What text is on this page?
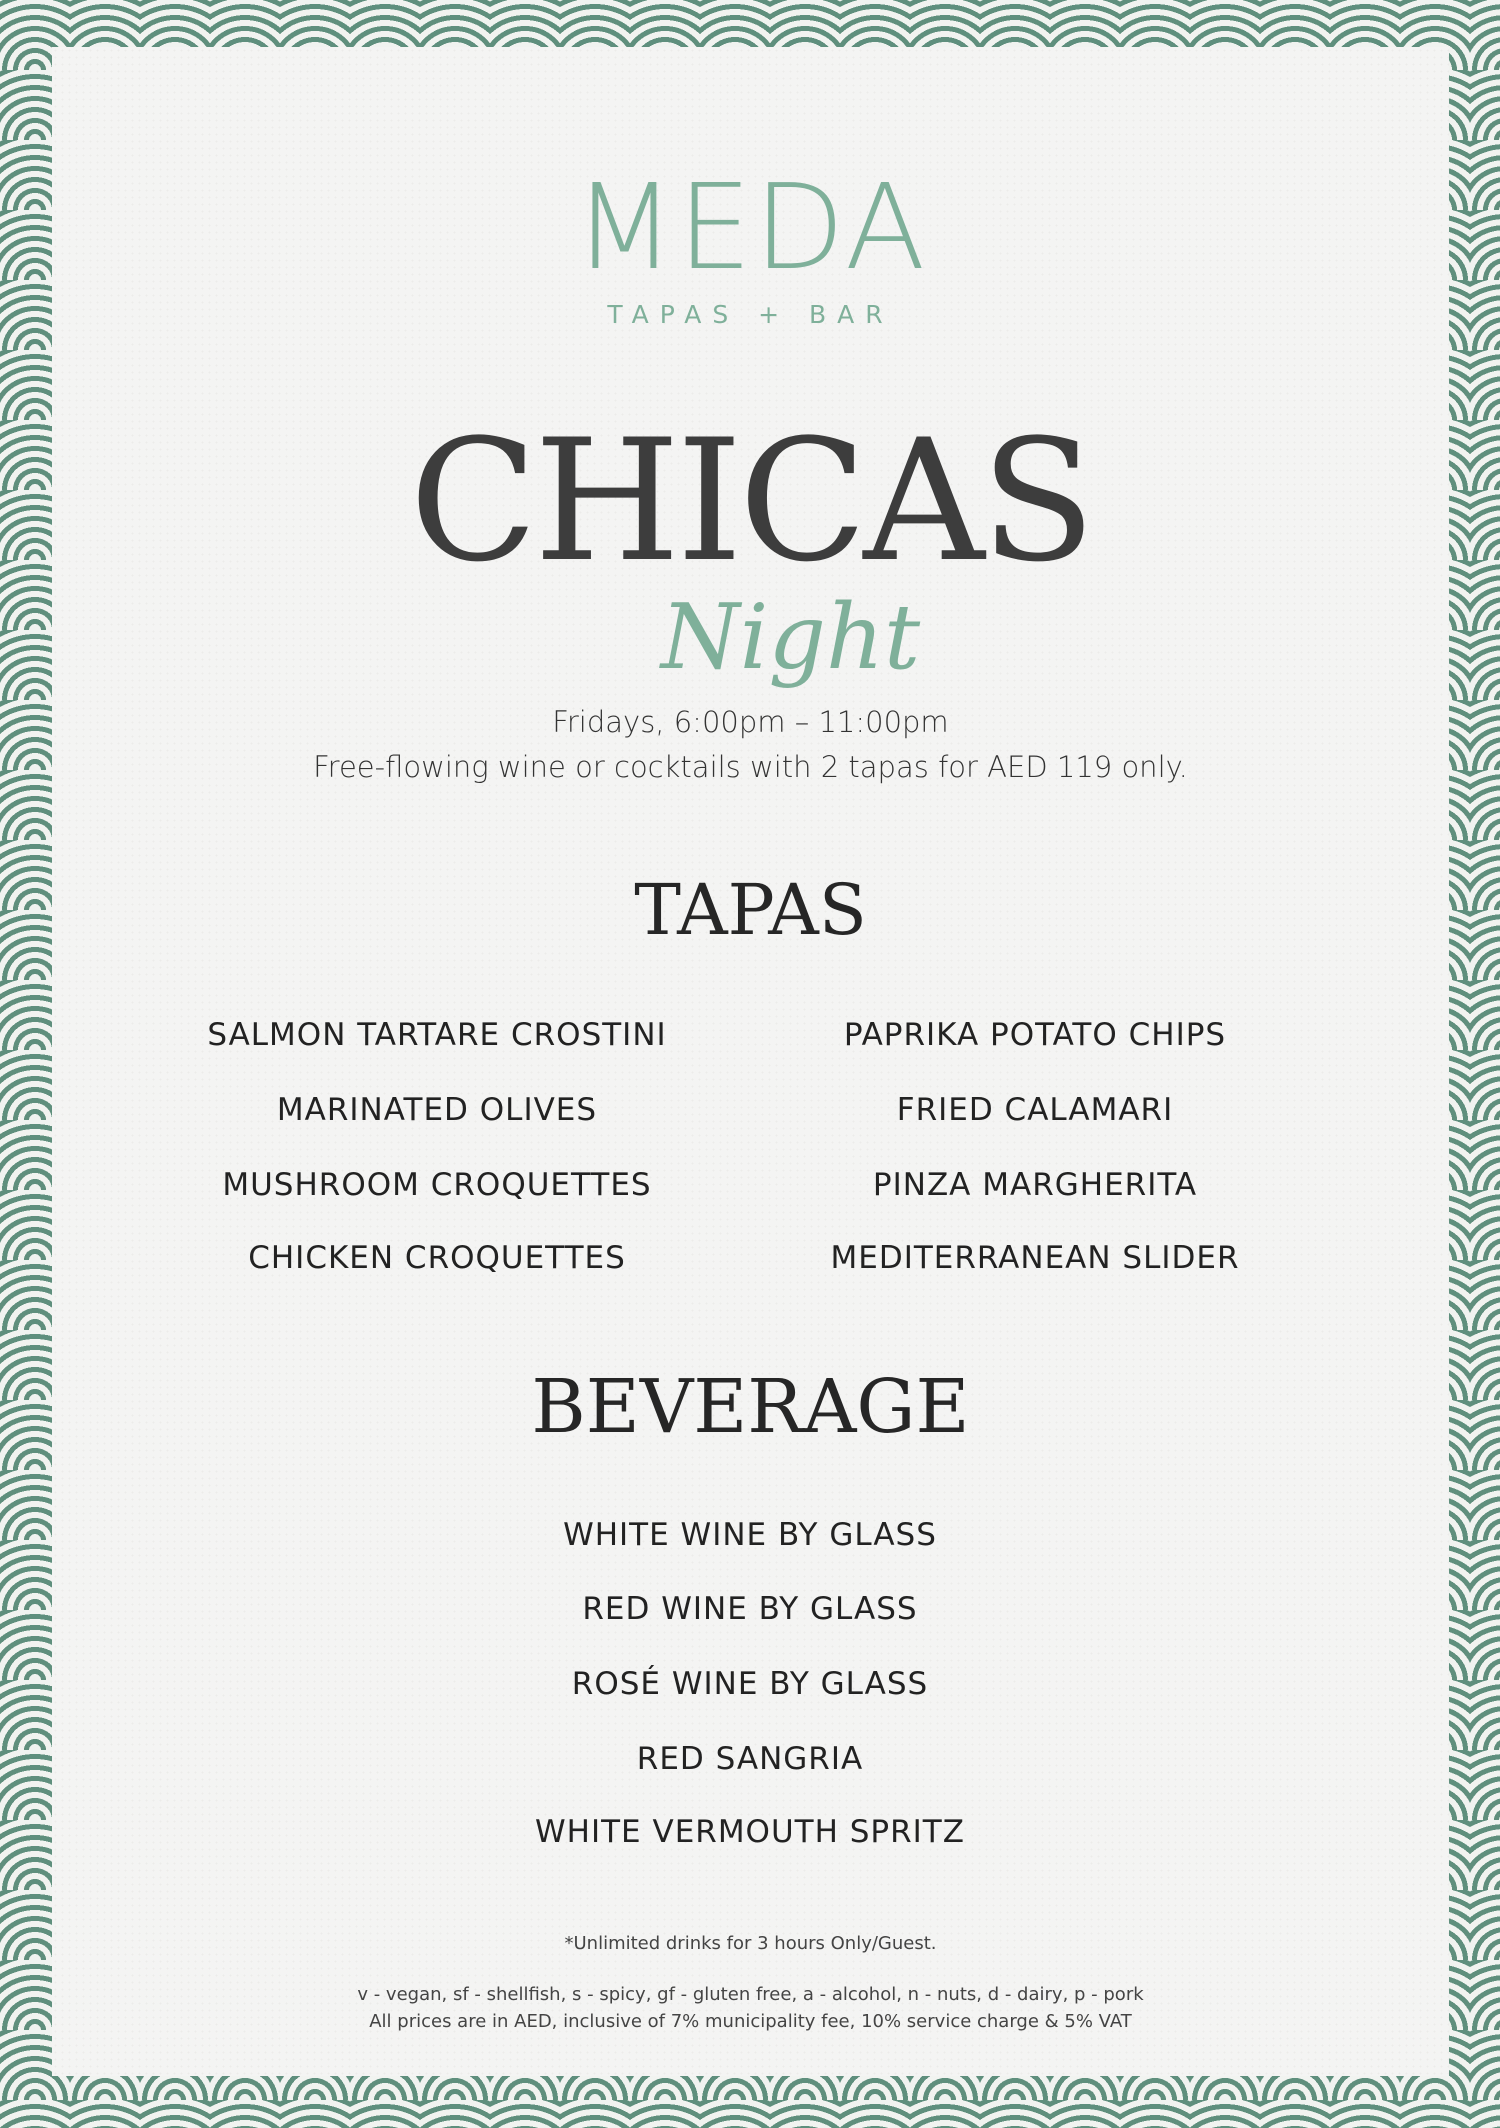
MEDA
TAPAS + BAR
CHICAS
Night
Fridays, 6:00pm – 11:00pm
Free-flowing wine or cocktails with 2 tapas for AED 119 only.
TAPAS
SALMON TARTARE CROSTINI
MARINATED OLIVES
MUSHROOM CROQUETTES
CHICKEN CROQUETTES
PAPRIKA POTATO CHIPS
FRIED CALAMARI
PINZA MARGHERITA
MEDITERRANEAN SLIDER
BEVERAGE
WHITE WINE BY GLASS
RED WINE BY GLASS
ROSÉ WINE BY GLASS
RED SANGRIA
WHITE VERMOUTH SPRITZ
*Unlimited drinks for 3 hours Only/Guest.
v - vegan, sf - shellfish, s - spicy, gf - gluten free, a - alcohol, n - nuts, d - dairy, p - pork
All prices are in AED, inclusive of 7% municipality fee, 10% service charge & 5% VAT
